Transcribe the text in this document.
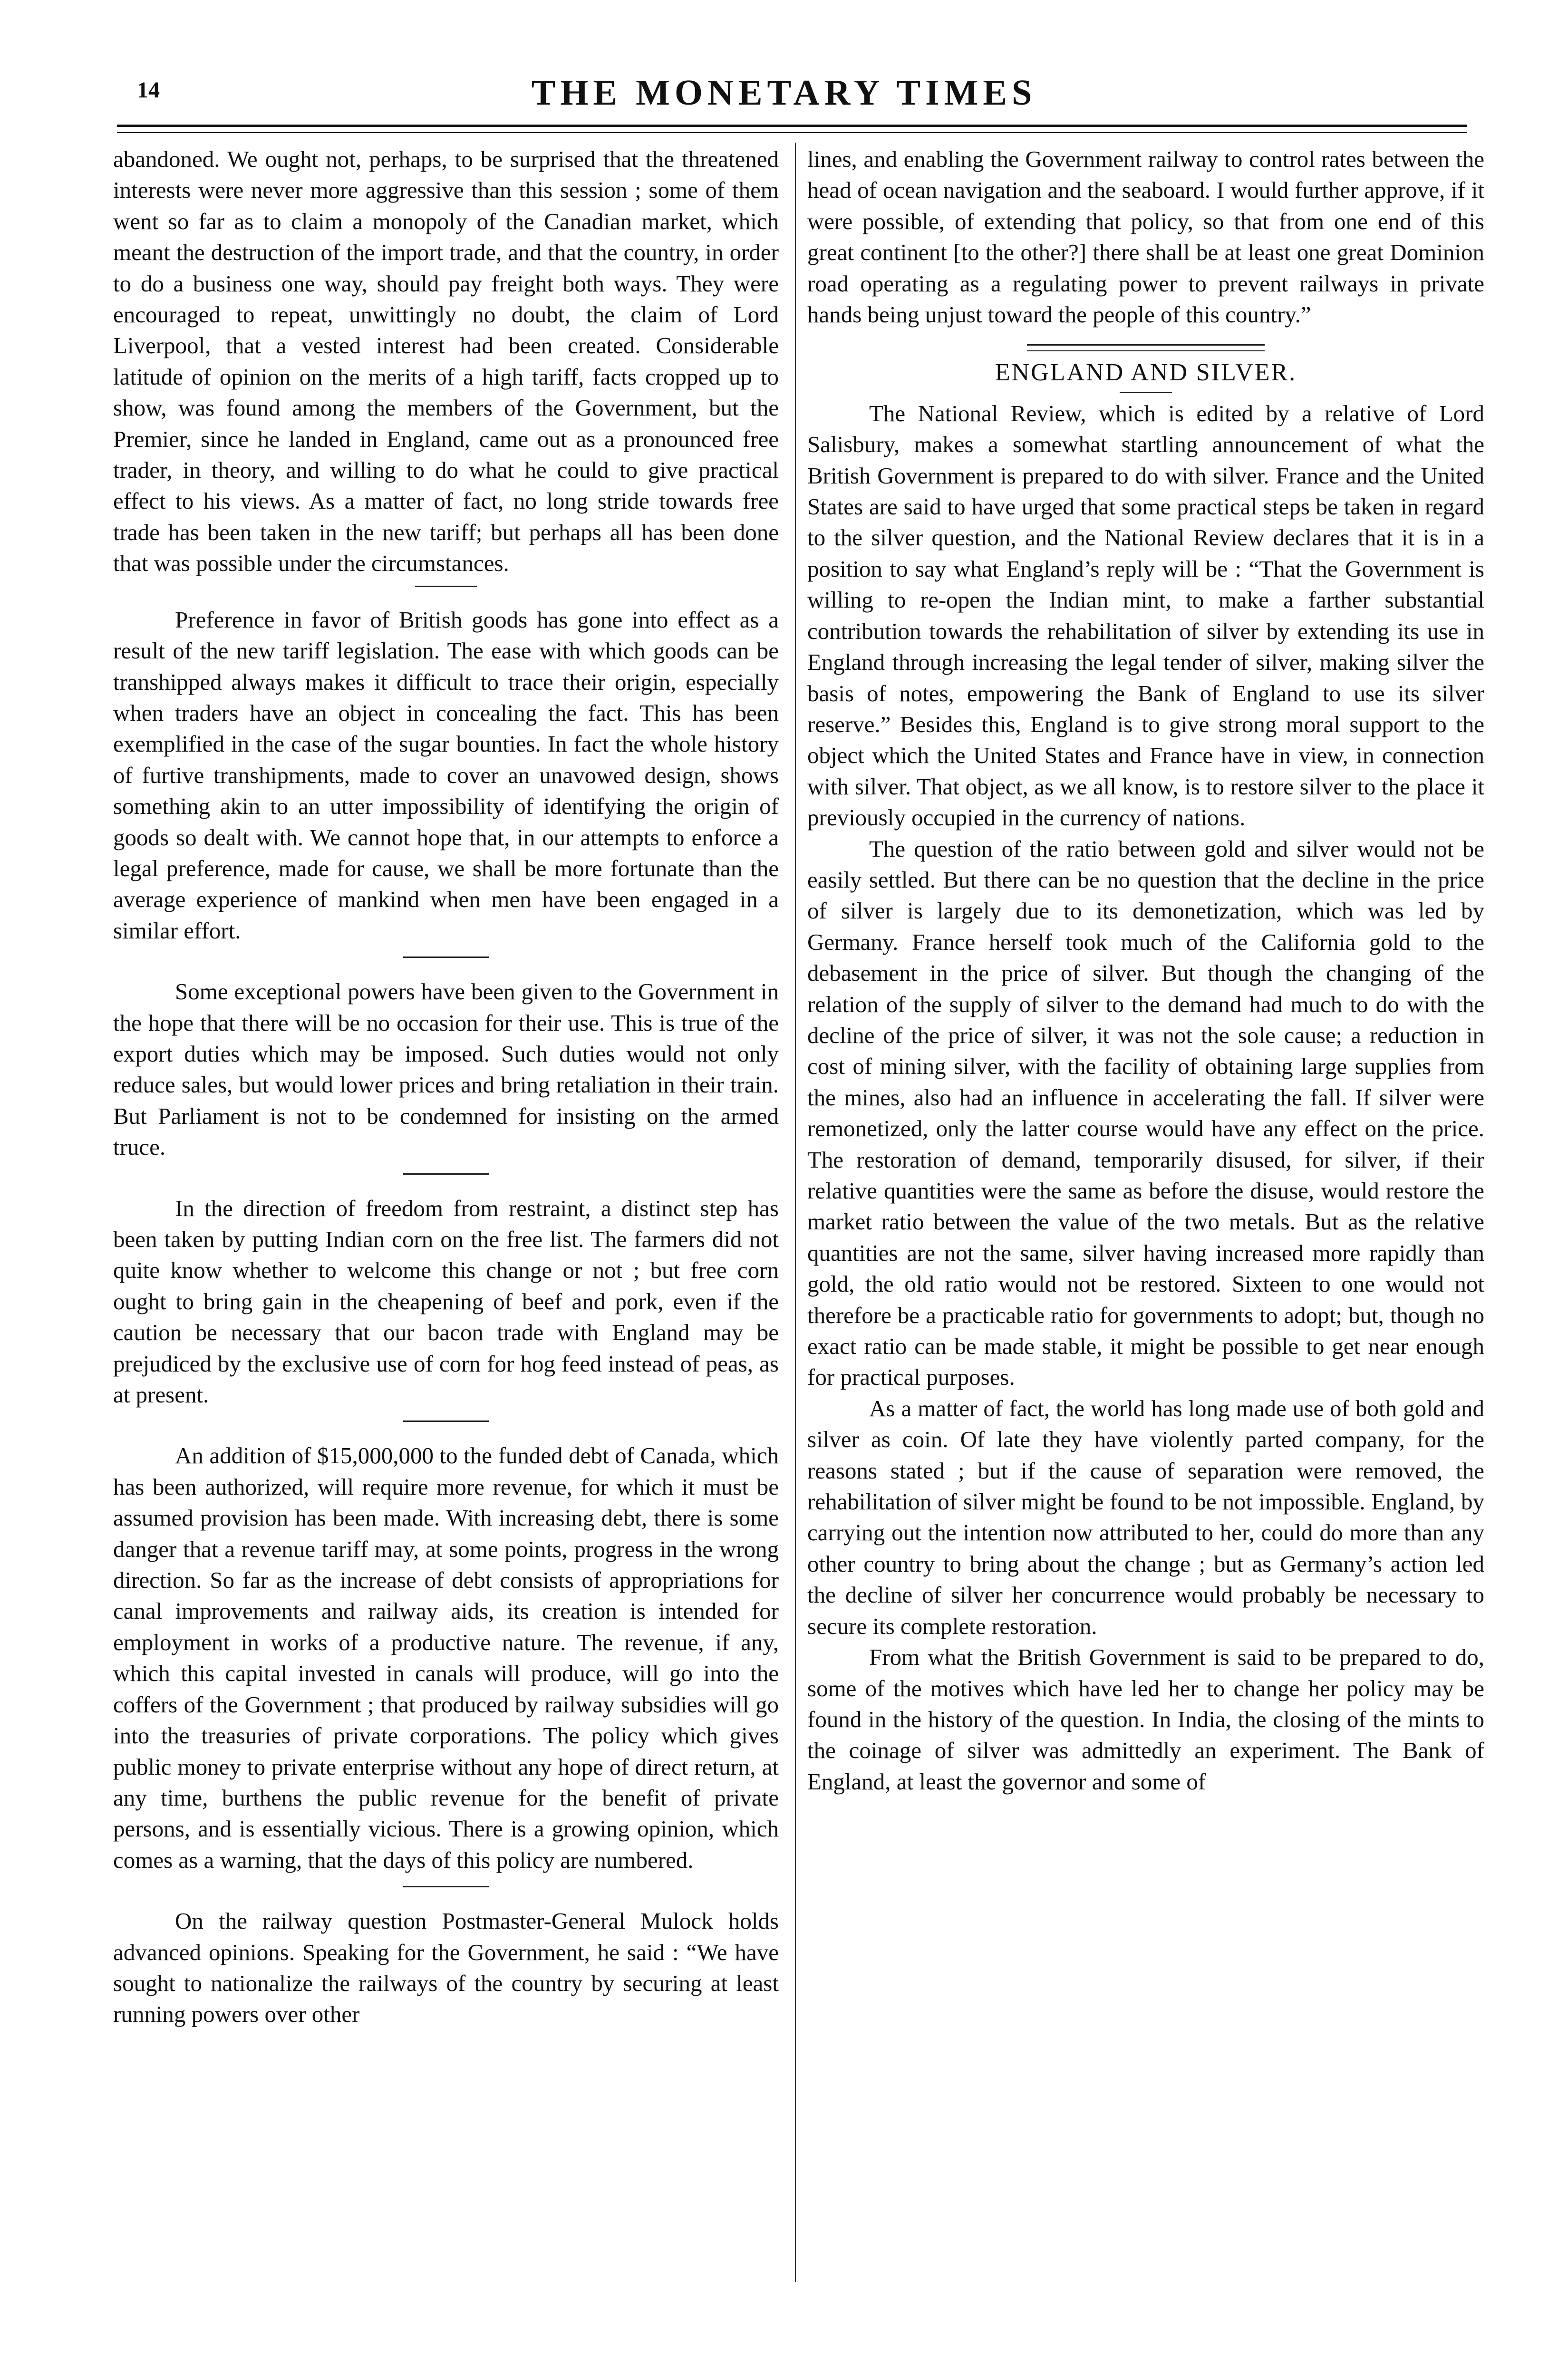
14	THE MONETARY TIMES

abandoned. We ought not, perhaps, to be surprised that the threatened interests were never more aggressive than this session ; some of them went so far as to claim a monopoly of the Canadian market, which meant the destruction of the import trade, and that the country, in order to do a business one way, should pay freight both ways. They were encouraged to repeat, unwittingly no doubt, the claim of Lord Liverpool, that a vested interest had been created. Considerable latitude of opinion on the merits of a high tariff, facts cropped up to show, was found among the members of the Government, but the Premier, since he landed in England, came out as a pronounced free trader, in theory, and willing to do what he could to give practical effect to his views. As a matter of fact, no long stride towards free trade has been taken in the new tariff; but perhaps all has been done that was possible under the circumstances.

Preference in favor of British goods has gone into effect as a result of the new tariff legislation. The ease with which goods can be transhipped always makes it difficult to trace their origin, especially when traders have an object in concealing the fact. This has been exemplified in the case of the sugar bounties. In fact the whole history of furtive transhipments, made to cover an unavowed design, shows something akin to an utter impossibility of identifying the origin of goods so dealt with. We cannot hope that, in our attempts to enforce a legal preference, made for cause, we shall be more fortunate than the average experience of mankind when men have been engaged in a similar effort.

Some exceptional powers have been given to the Government in the hope that there will be no occasion for their use. This is true of the export duties which may be imposed. Such duties would not only reduce sales, but would lower prices and bring retaliation in their train. But Parliament is not to be condemned for insisting on the armed truce.

In the direction of freedom from restraint, a distinct step has been taken by putting Indian corn on the free list. The farmers did not quite know whether to welcome this change or not ; but free corn ought to bring gain in the cheapening of beef and pork, even if the caution be necessary that our bacon trade with England may be prejudiced by the exclusive use of corn for hog feed instead of peas, as at present.

An addition of $15,000,000 to the funded debt of Canada, which has been authorized, will require more revenue, for which it must be assumed provision has been made. With increasing debt, there is some danger that a revenue tariff may, at some points, progress in the wrong direction. So far as the increase of debt consists of appropriations for canal improvements and railway aids, its creation is intended for employment in works of a productive nature. The revenue, if any, which this capital invested in canals will produce, will go into the coffers of the Government ; that produced by railway subsidies will go into the treasuries of private corporations. The policy which gives public money to private enterprise without any hope of direct return, at any time, burthens the public revenue for the benefit of private persons, and is essentially vicious. There is a growing opinion, which comes as a warning, that the days of this policy are numbered.

On the railway question Postmaster-General Mulock holds advanced opinions. Speaking for the Government, he said : “We have sought to nationalize the railways of the country by securing at least running powers over other

lines, and enabling the Government railway to control rates between the head of ocean navigation and the seaboard. I would further approve, if it were possible, of extending that policy, so that from one end of this great continent [to the other?] there shall be at least one great Dominion road operating as a regulating power to prevent railways in private hands being unjust toward the people of this country.”

ENGLAND AND SILVER.

The National Review, which is edited by a relative of Lord Salisbury, makes a somewhat startling announcement of what the British Government is prepared to do with silver. France and the United States are said to have urged that some practical steps be taken in regard to the silver question, and the National Review declares that it is in a position to say what England’s reply will be : “That the Government is willing to re-open the Indian mint, to make a farther substantial contribution towards the rehabilitation of silver by extending its use in England through increasing the legal tender of silver, making silver the basis of notes, empowering the Bank of England to use its silver reserve.” Besides this, England is to give strong moral support to the object which the United States and France have in view, in connection with silver. That object, as we all know, is to restore silver to the place it previously occupied in the currency of nations.

The question of the ratio between gold and silver would not be easily settled. But there can be no question that the decline in the price of silver is largely due to its demonetization, which was led by Germany. France herself took much of the California gold to the debasement in the price of silver. But though the changing of the relation of the supply of silver to the demand had much to do with the decline of the price of silver, it was not the sole cause; a reduction in cost of mining silver, with the facility of obtaining large supplies from the mines, also had an influence in accelerating the fall. If silver were remonetized, only the latter course would have any effect on the price. The restoration of demand, temporarily disused, for silver, if their relative quantities were the same as before the disuse, would restore the market ratio between the value of the two metals. But as the relative quantities are not the same, silver having increased more rapidly than gold, the old ratio would not be restored. Sixteen to one would not therefore be a practicable ratio for governments to adopt; but, though no exact ratio can be made stable, it might be possible to get near enough for practical purposes.

As a matter of fact, the world has long made use of both gold and silver as coin. Of late they have violently parted company, for the reasons stated ; but if the cause of separation were removed, the rehabilitation of silver might be found to be not impossible. England, by carrying out the intention now attributed to her, could do more than any other country to bring about the change ; but as Germany’s action led the decline of silver her concurrence would probably be necessary to secure its complete restoration.

From what the British Government is said to be prepared to do, some of the motives which have led her to change her policy may be found in the history of the question. In India, the closing of the mints to the coinage of silver was admittedly an experiment. The Bank of England, at least the governor and some of
